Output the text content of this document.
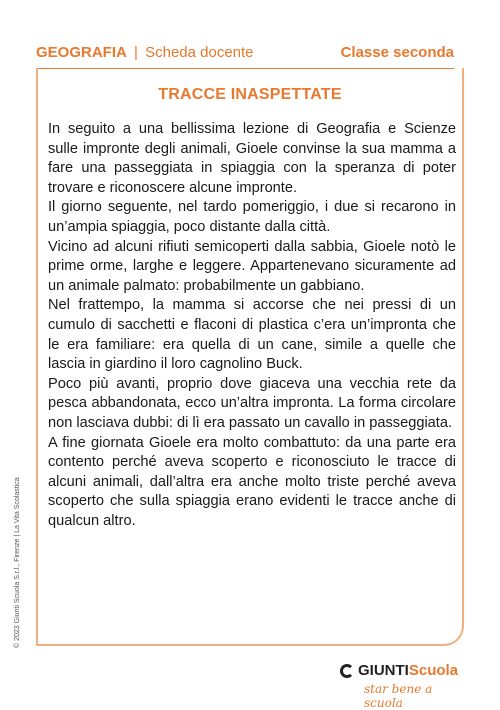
GEOGRAFIA | Scheda docente	Classe seconda
TRACCE INASPETTATE

In seguito a una bellissima lezione di Geografia e Scienze sulle impronte degli animali, Gioele convinse la sua mamma a fare una passeggiata in spiaggia con la speranza di poter trovare e riconoscere alcune impronte.

Il giorno seguente, nel tardo pomeriggio, i due si recarono in un’ampia spiaggia, poco distante dalla città.

Vicino ad alcuni rifiuti semicoperti dalla sabbia, Gioele notò le prime orme, larghe e leggere. Appartenevano sicuramente ad un animale palmato: probabilmente un gabbiano.

Nel frattempo, la mamma si accorse che nei pressi di un cumulo di sacchetti e flaconi di plastica c’era un’impronta che le era familiare: era quella di un cane, simile a quelle che lascia in giardino il loro cagnolino Buck.

Poco più avanti, proprio dove giaceva una vecchia rete da pesca abbandonata, ecco un’altra impronta. La forma circolare non lasciava dubbi: di lì era passato un cavallo in passeggiata.

A fine giornata Gioele era molto combattuto: da una parte era contento perché aveva scoperto e riconosciuto le tracce di alcuni animali, dall’altra era anche molto triste perché aveva scoperto che sulla spiaggia erano evidenti le tracce anche di qualcun altro.

© 2023 Giunti Scuola S.r.l., Firenze | La Vita Scolastica
GIUNTIScuola
star bene a scuola
